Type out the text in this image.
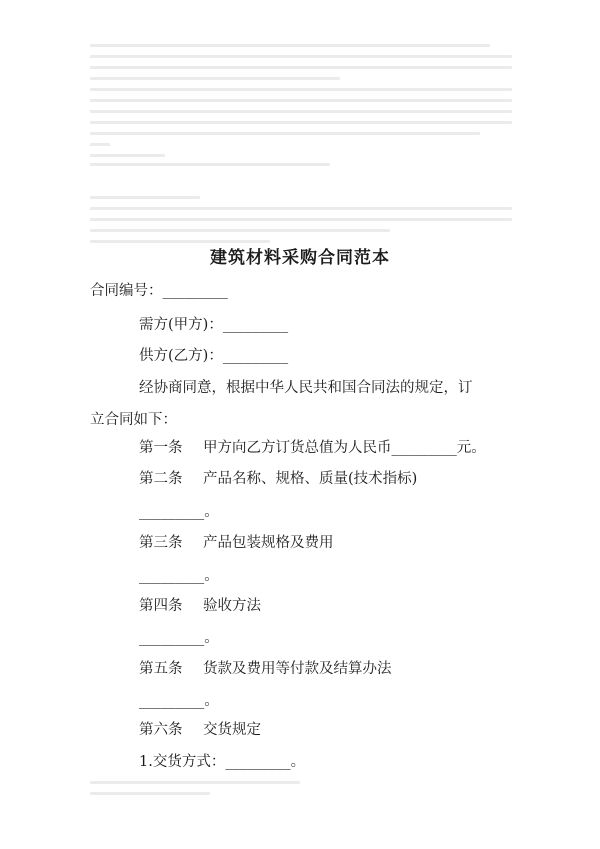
建筑材料采购合同范本
合同编号：_________
需方(甲方)：_________
供方(乙方)：_________
经协商同意，根据中华人民共和国合同法的规定，订
立合同如下：
第一条 甲方向乙方订货总值为人民币_________元。
第二条 产品名称、规格、质量(技术指标)
_________。
第三条 产品包装规格及费用
_________。
第四条 验收方法
_________。
第五条 货款及费用等付款及结算办法
_________。
第六条 交货规定
1.交货方式：_________。
